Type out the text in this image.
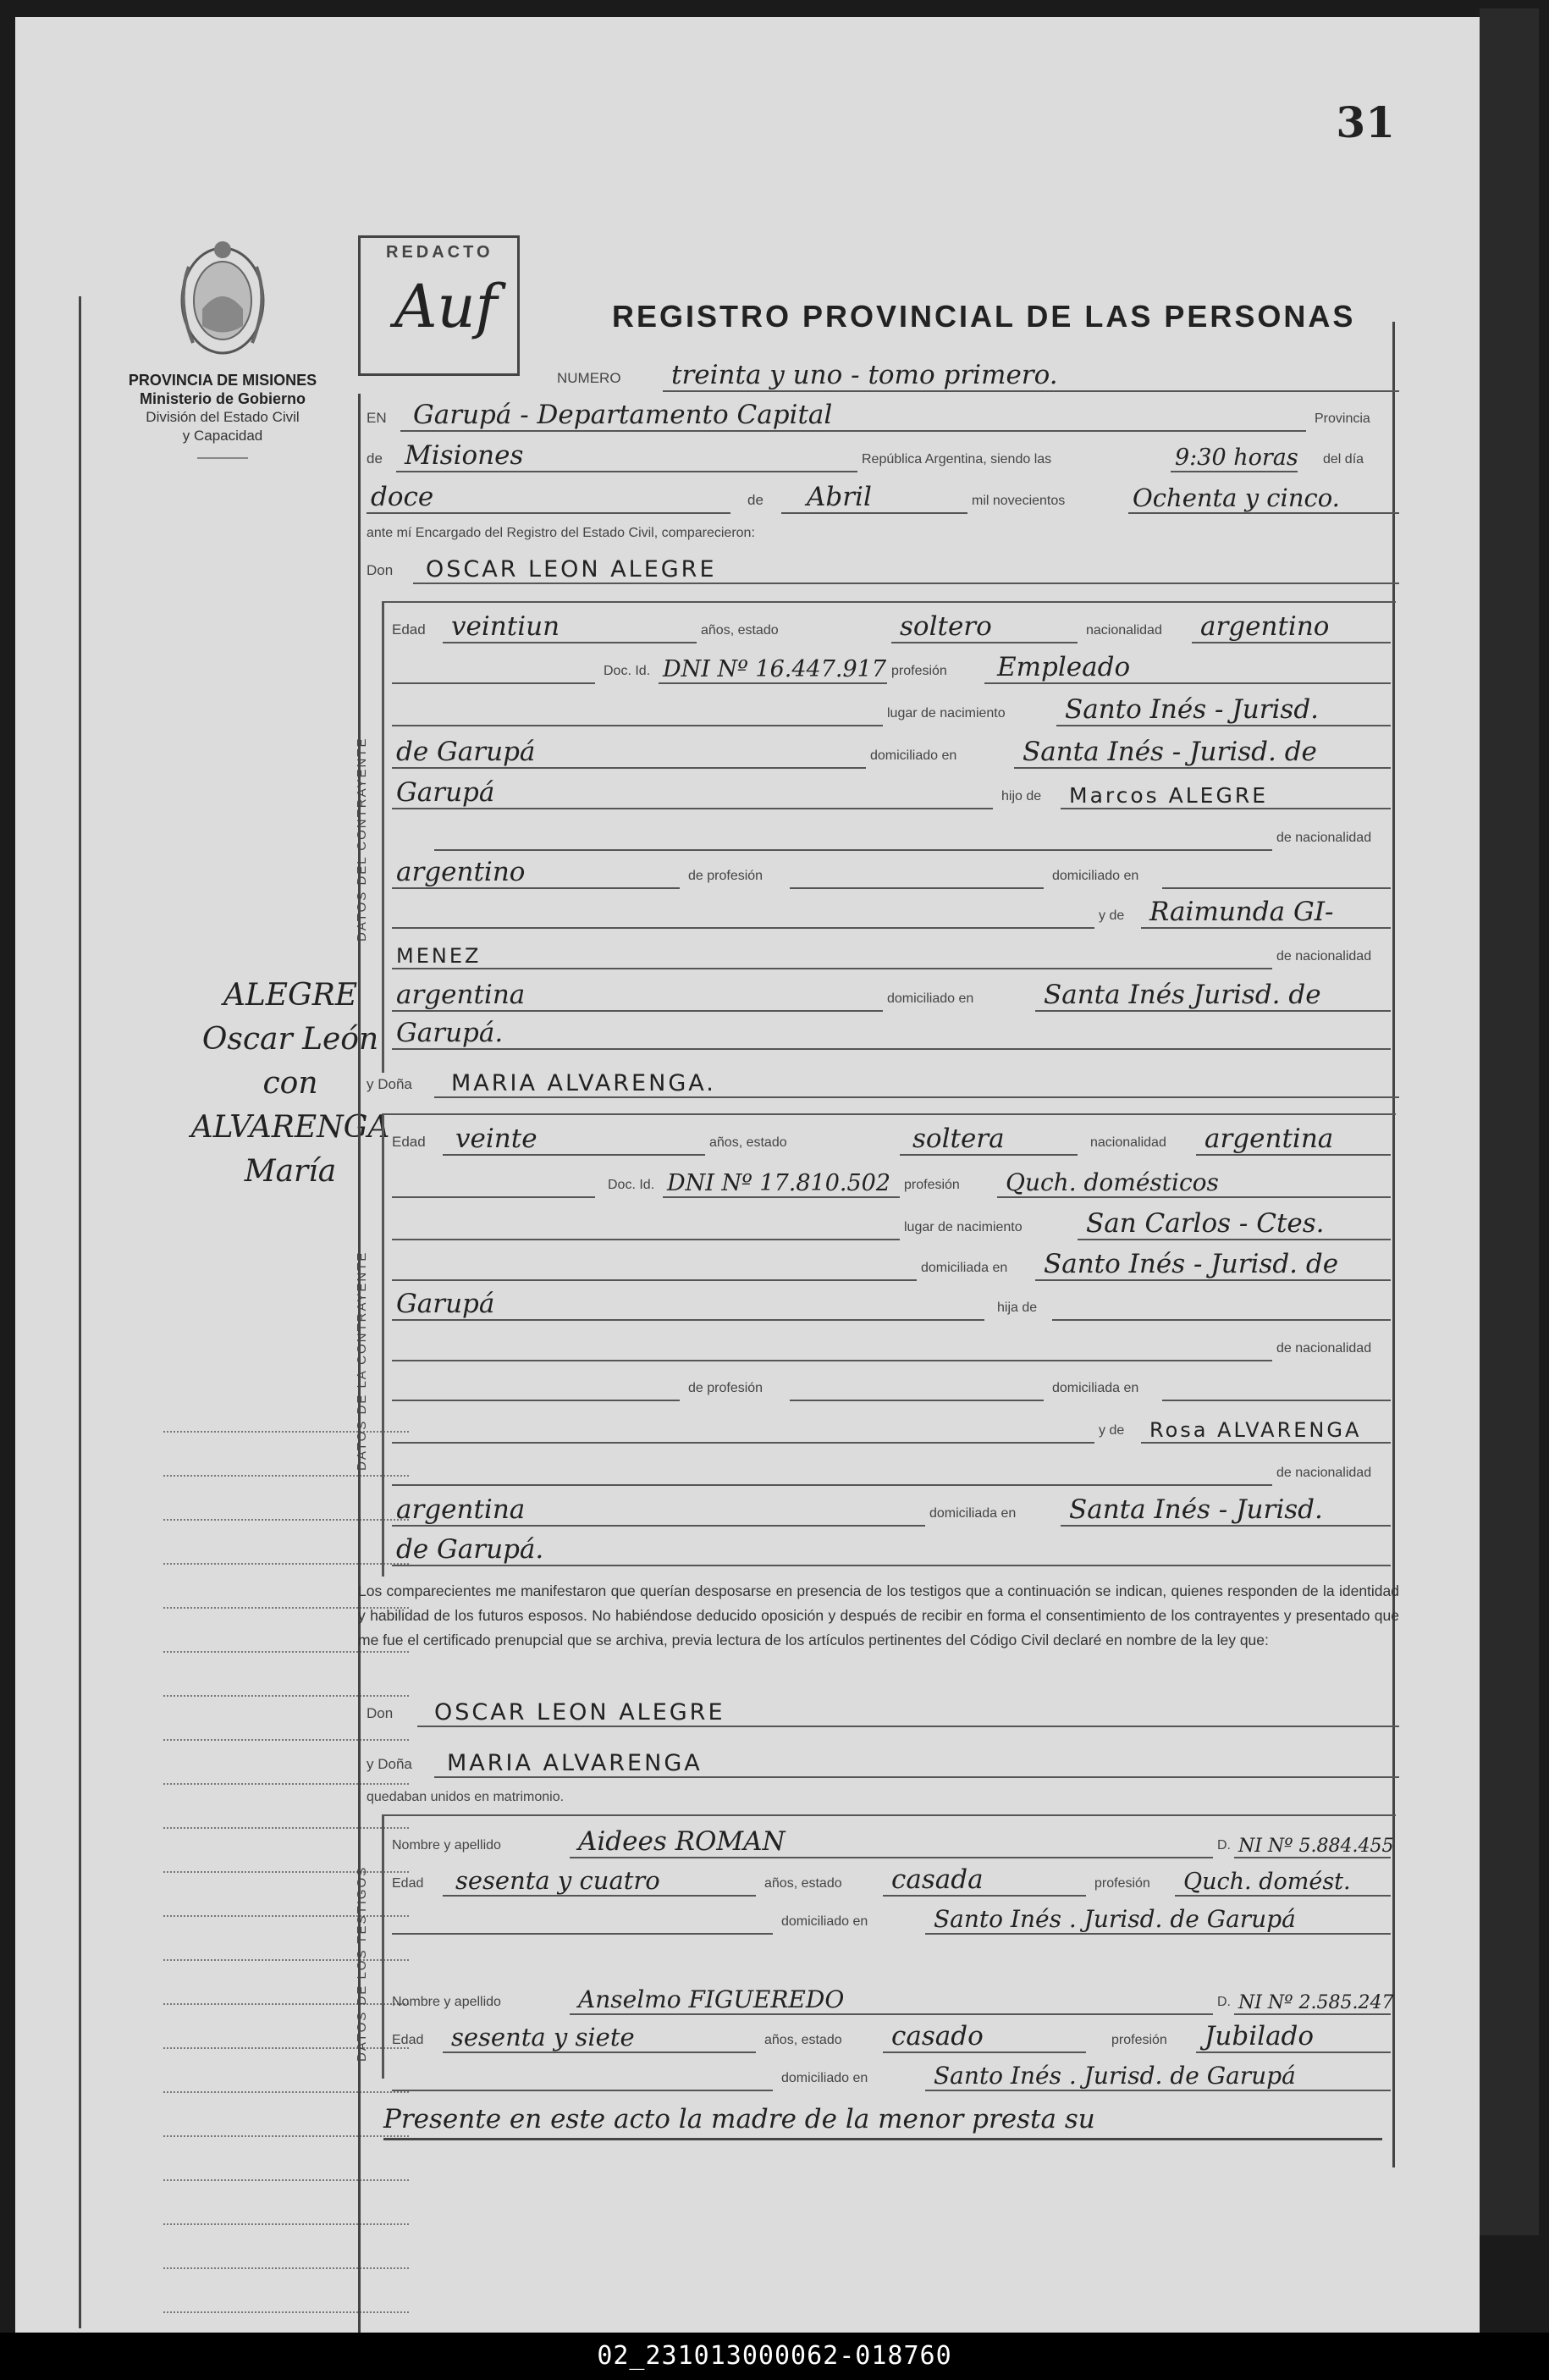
31
PROVINCIA DE MISIONES
Ministerio de Gobierno
División del Estado Civil
y Capacidad
ALEGRE
Oscar León
con
ALVARENGA
María
REDACTO
Auf	REGISTRO PROVINCIAL DE LAS PERSONAS
NUMERO treinta y uno - tomo primero.
EN Garupá - Departamento Capital	Provincia
de Misiones	República Argentina, siendo las	9:30 horas del día
doce	de Abril	mil novecientos	Ochenta y cinco.
ante mí Encargado del Registro del Estado Civil, comparecieron:
Don OSCAR LEON ALEGRE
DATOS DEL CONTRAYENTE
Edad veintiun	años, estado	soltero	nacionalidad argentino
Doc. Id. DNI Nº 16.447.917 profesión Empleado
lugar de nacimiento Santo Inés - Jurisd.
de Garupá	domiciliado en	Santa Inés - Jurisd. de
Garupá	hijo de Marcos ALEGRE
de nacionalidad
argentino	de profesión	domiciliado en
y de Raimunda GI-
MENEZ	de nacionalidad
argentina	domiciliado en	Santa Inés Jurisd. de
Garupá.
y Doña MARIA ALVARENGA.
DATOS DE LA CONTRAYENTE
Edad veinte	años, estado	soltera	nacionalidad argentina
Doc. Id. DNI Nº 17.810.502 profesión Quch. domésticos
lugar de nacimiento San Carlos - Ctes.
domiciliada en Santo Inés - Jurisd. de
Garupá	hija de
de nacionalidad
de profesión	domiciliada en
y de Rosa ALVARENGA
de nacionalidad
argentina	domiciliada en Santa Inés - Jurisd.
de Garupá.
Los comparecientes me manifestaron que querían desposarse en presencia de los testigos que a continuación se indican, quienes responden de la identidad y habilidad de los futuros esposos. No habiéndose deducido oposición y después de recibir en forma el consentimiento de los contrayentes y presentado que me fue el certificado prenupcial que se archiva, previa lectura de los artículos pertinentes del Código Civil declaré en nombre de la ley que:
Don OSCAR LEON ALEGRE
y Doña MARIA ALVARENGA
quedaban unidos en matrimonio.
DATOS DE LOS TESTIGOS
Nombre y apellido	Aidees ROMAN	D. NI Nº 5.884.455
Edad sesenta y cuatro	años, estado casada	profesión Quch. domést.
domiciliado en	Santo Inés . Jurisd. de Garupá
Nombre y apellido	Anselmo FIGUEREDO	D. NI Nº 2.585.247
Edad sesenta y siete	años, estado casado	profesión Jubilado
domiciliado en	Santo Inés . Jurisd. de Garupá
Presente en este acto la madre de la menor presta su
02_231013000062-018760
